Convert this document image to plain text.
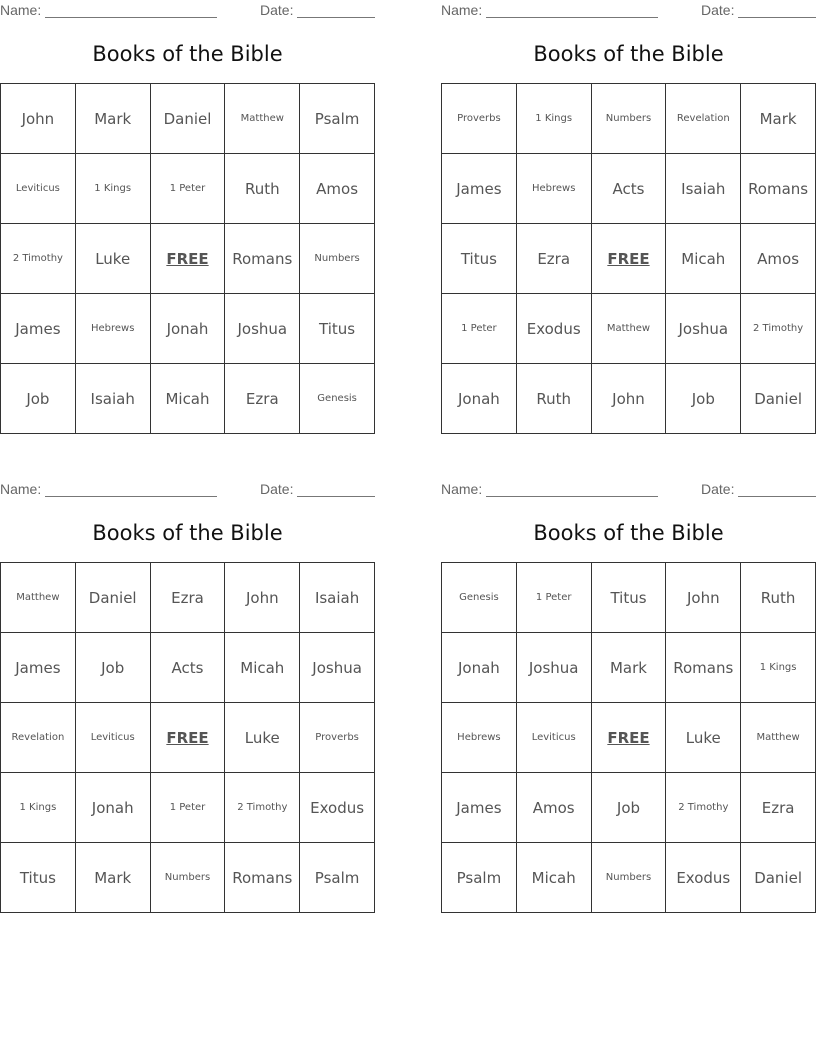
Name:	Date:
Books of the Bible
John	Mark	Daniel	Matthew	Psalm
Leviticus	1 Kings	1 Peter	Ruth	Amos
2 Timothy	Luke	FREE	Romans	Numbers
James	Hebrews	Jonah	Joshua	Titus
Job	Isaiah	Micah	Ezra	Genesis
Name:	Date:
Books of the Bible
Proverbs	1 Kings	Numbers	Revelation	Mark
James	Hebrews	Acts	Isaiah	Romans
Titus	Ezra	FREE	Micah	Amos
1 Peter	Exodus	Matthew	Joshua	2 Timothy
Jonah	Ruth	John	Job	Daniel
Name:	Date:
Books of the Bible
Matthew	Daniel	Ezra	John	Isaiah
James	Job	Acts	Micah	Joshua
Revelation	Leviticus	FREE	Luke	Proverbs
1 Kings	Jonah	1 Peter	2 Timothy	Exodus
Titus	Mark	Numbers	Romans	Psalm
Name:	Date:
Books of the Bible
Genesis	1 Peter	Titus	John	Ruth
Jonah	Joshua	Mark	Romans	1 Kings
Hebrews	Leviticus	FREE	Luke	Matthew
James	Amos	Job	2 Timothy	Ezra
Psalm	Micah	Numbers	Exodus	Daniel
